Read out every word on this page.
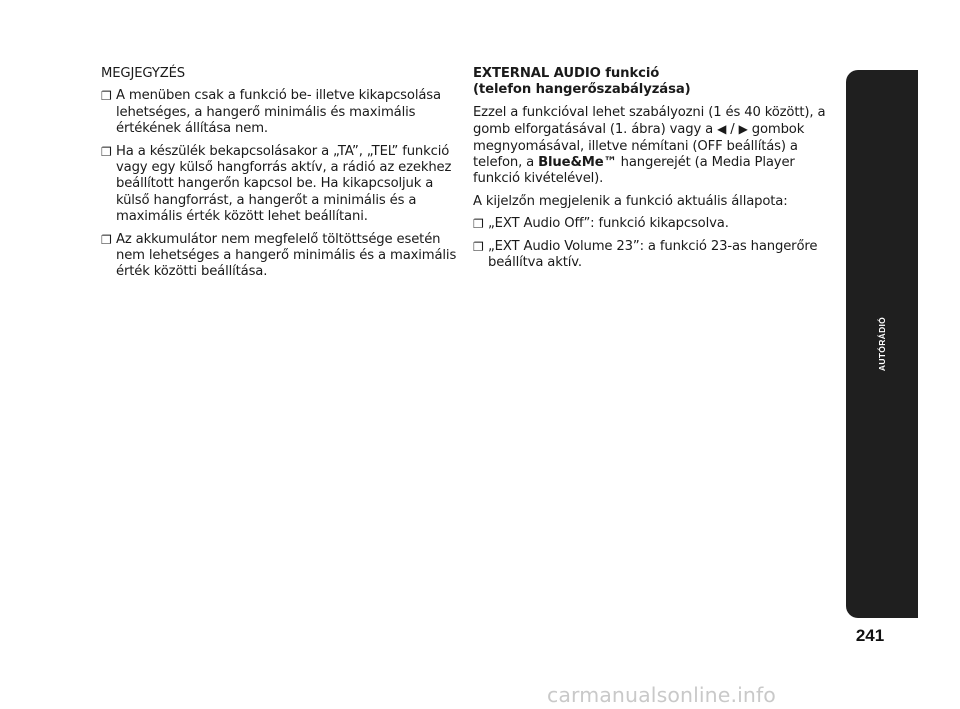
MEGJEGYZÉS
❐ A menüben csak a funkció be- illetve kikapcsolása lehetséges, a hangerő minimális és maximális értékének állítása nem.
❐ Ha a készülék bekapcsolásakor a „TA”, „TEL” funkció vagy egy külső hangforrás aktív, a rádió az ezekhez beállított hangerőn kapcsol be. Ha kikapcsoljuk a külső hangforrást, a hangerőt a minimális és a maximális érték között lehet beállítani.
❐ Az akkumulátor nem megfelelő töltöttsége esetén nem lehetséges a hangerő minimális és a maximális érték közötti beállítása.
EXTERNAL AUDIO funkció
(telefon hangerőszabályzása)
Ezzel a funkcióval lehet szabályozni (1 és 40 között), a gomb elforgatásával (1. ábra) vagy a ◀ / ▶ gombok megnyomásával, illetve némítani (OFF beállítás) a telefon, a Blue&Me™ hangerejét (a Media Player funkció kivételével).
A kijelzőn megjelenik a funkció aktuális állapota:
❐ „EXT Audio Off”: funkció kikapcsolva.
❐ „EXT Audio Volume 23”: a funkció 23-as hangerőre beállítva aktív.
AUTÓRÁDIÓ
241
carmanualsonline.info
